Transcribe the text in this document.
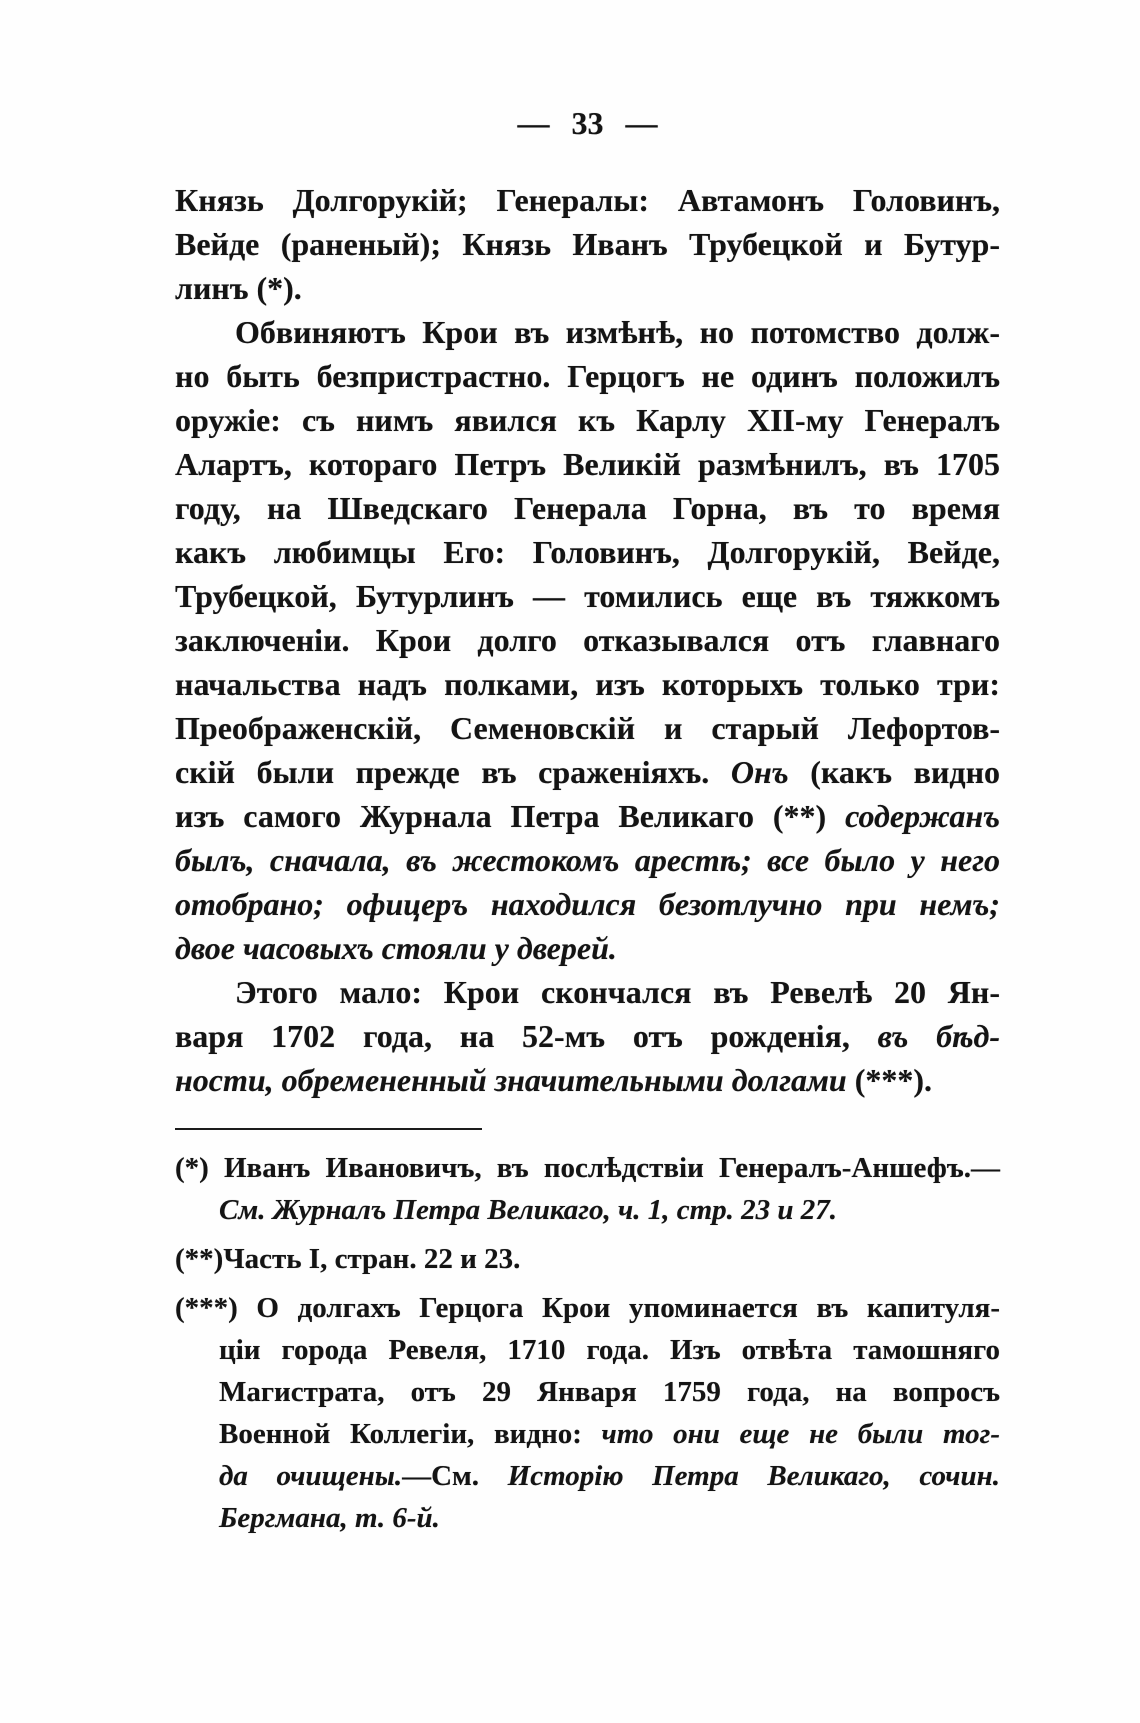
— 33 —
Князь Долгорукій; Генералы: Автамонъ Головинъ,
Вейде (раненый); Князь Иванъ Трубецкой и Бутур-
линъ (*).
Обвиняютъ Крои въ измѣнѣ, но потомство долж-
но быть безпристрастно. Герцогъ не одинъ положилъ
оружіе: съ нимъ явился къ Карлу XII-му Генералъ
Алартъ, котораго Петръ Великій размѣнилъ, въ 1705
году, на Шведскаго Генерала Горна, въ то время
какъ любимцы Его: Головинъ, Долгорукій, Вейде,
Трубецкой, Бутурлинъ — томились еще въ тяжкомъ
заключеніи. Крои долго отказывался отъ главнаго
начальства надъ полками, изъ которыхъ только три:
Преображенскій, Семеновскій и старый Лефортов-
скій были прежде въ сраженіяхъ. Онъ (какъ видно
изъ самого Журнала Петра Великаго (**) содержанъ
былъ, сначала, въ жестокомъ арестѣ; все было у него
отобрано; офицеръ находился безотлучно при немъ;
двое часовыхъ стояли у дверей.
Этого мало: Крои скончался въ Ревелѣ 20 Ян-
варя 1702 года, на 52-мъ отъ рожденія, въ бѣд-
ности, обремененный значительными долгами (***).
(*) Иванъ Ивановичъ, въ послѣдствіи Генералъ-Аншефъ.—
См. Журналъ Петра Великаго, ч. 1, стр. 23 и 27.
(**)Часть I, стран. 22 и 23.
(***) О долгахъ Герцога Крои упоминается въ капитуля-
ціи города Ревеля, 1710 года. Изъ отвѣта тамошняго
Магистрата, отъ 29 Января 1759 года, на вопросъ
Военной Коллегіи, видно: что они еще не были тог-
да очищены.—См. Исторію Петра Великаго, сочин.
Бергмана, т. 6-й.
